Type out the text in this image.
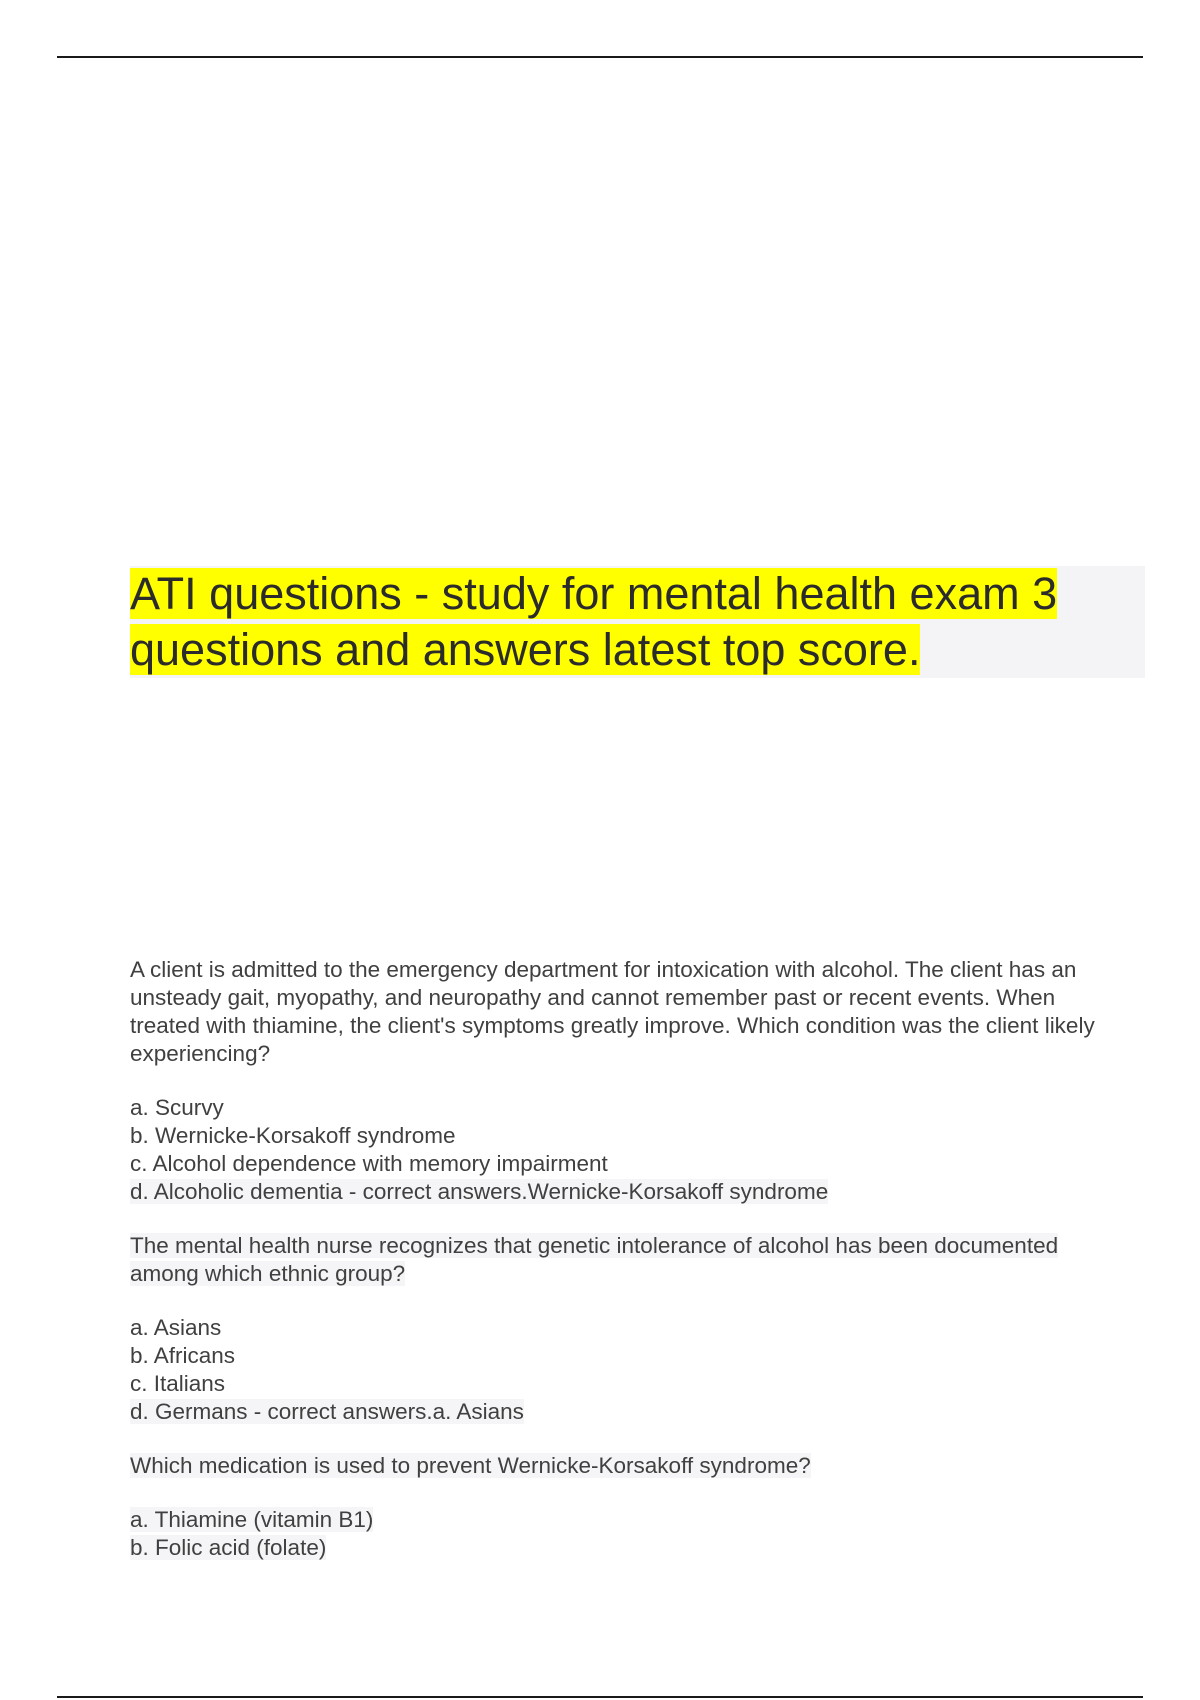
ATI questions - study for mental health exam 3
questions and answers latest top score.

A client is admitted to the emergency department for intoxication with alcohol. The client has an unsteady gait, myopathy, and neuropathy and cannot remember past or recent events. When treated with thiamine, the client's symptoms greatly improve. Which condition was the client likely experiencing?

a. Scurvy
b. Wernicke-Korsakoff syndrome
c. Alcohol dependence with memory impairment
d. Alcoholic dementia - correct answers.Wernicke-Korsakoff syndrome

The mental health nurse recognizes that genetic intolerance of alcohol has been documented among which ethnic group?

a. Asians
b. Africans
c. Italians
d. Germans - correct answers.a. Asians

Which medication is used to prevent Wernicke-Korsakoff syndrome?

a. Thiamine (vitamin B1)
b. Folic acid (folate)
